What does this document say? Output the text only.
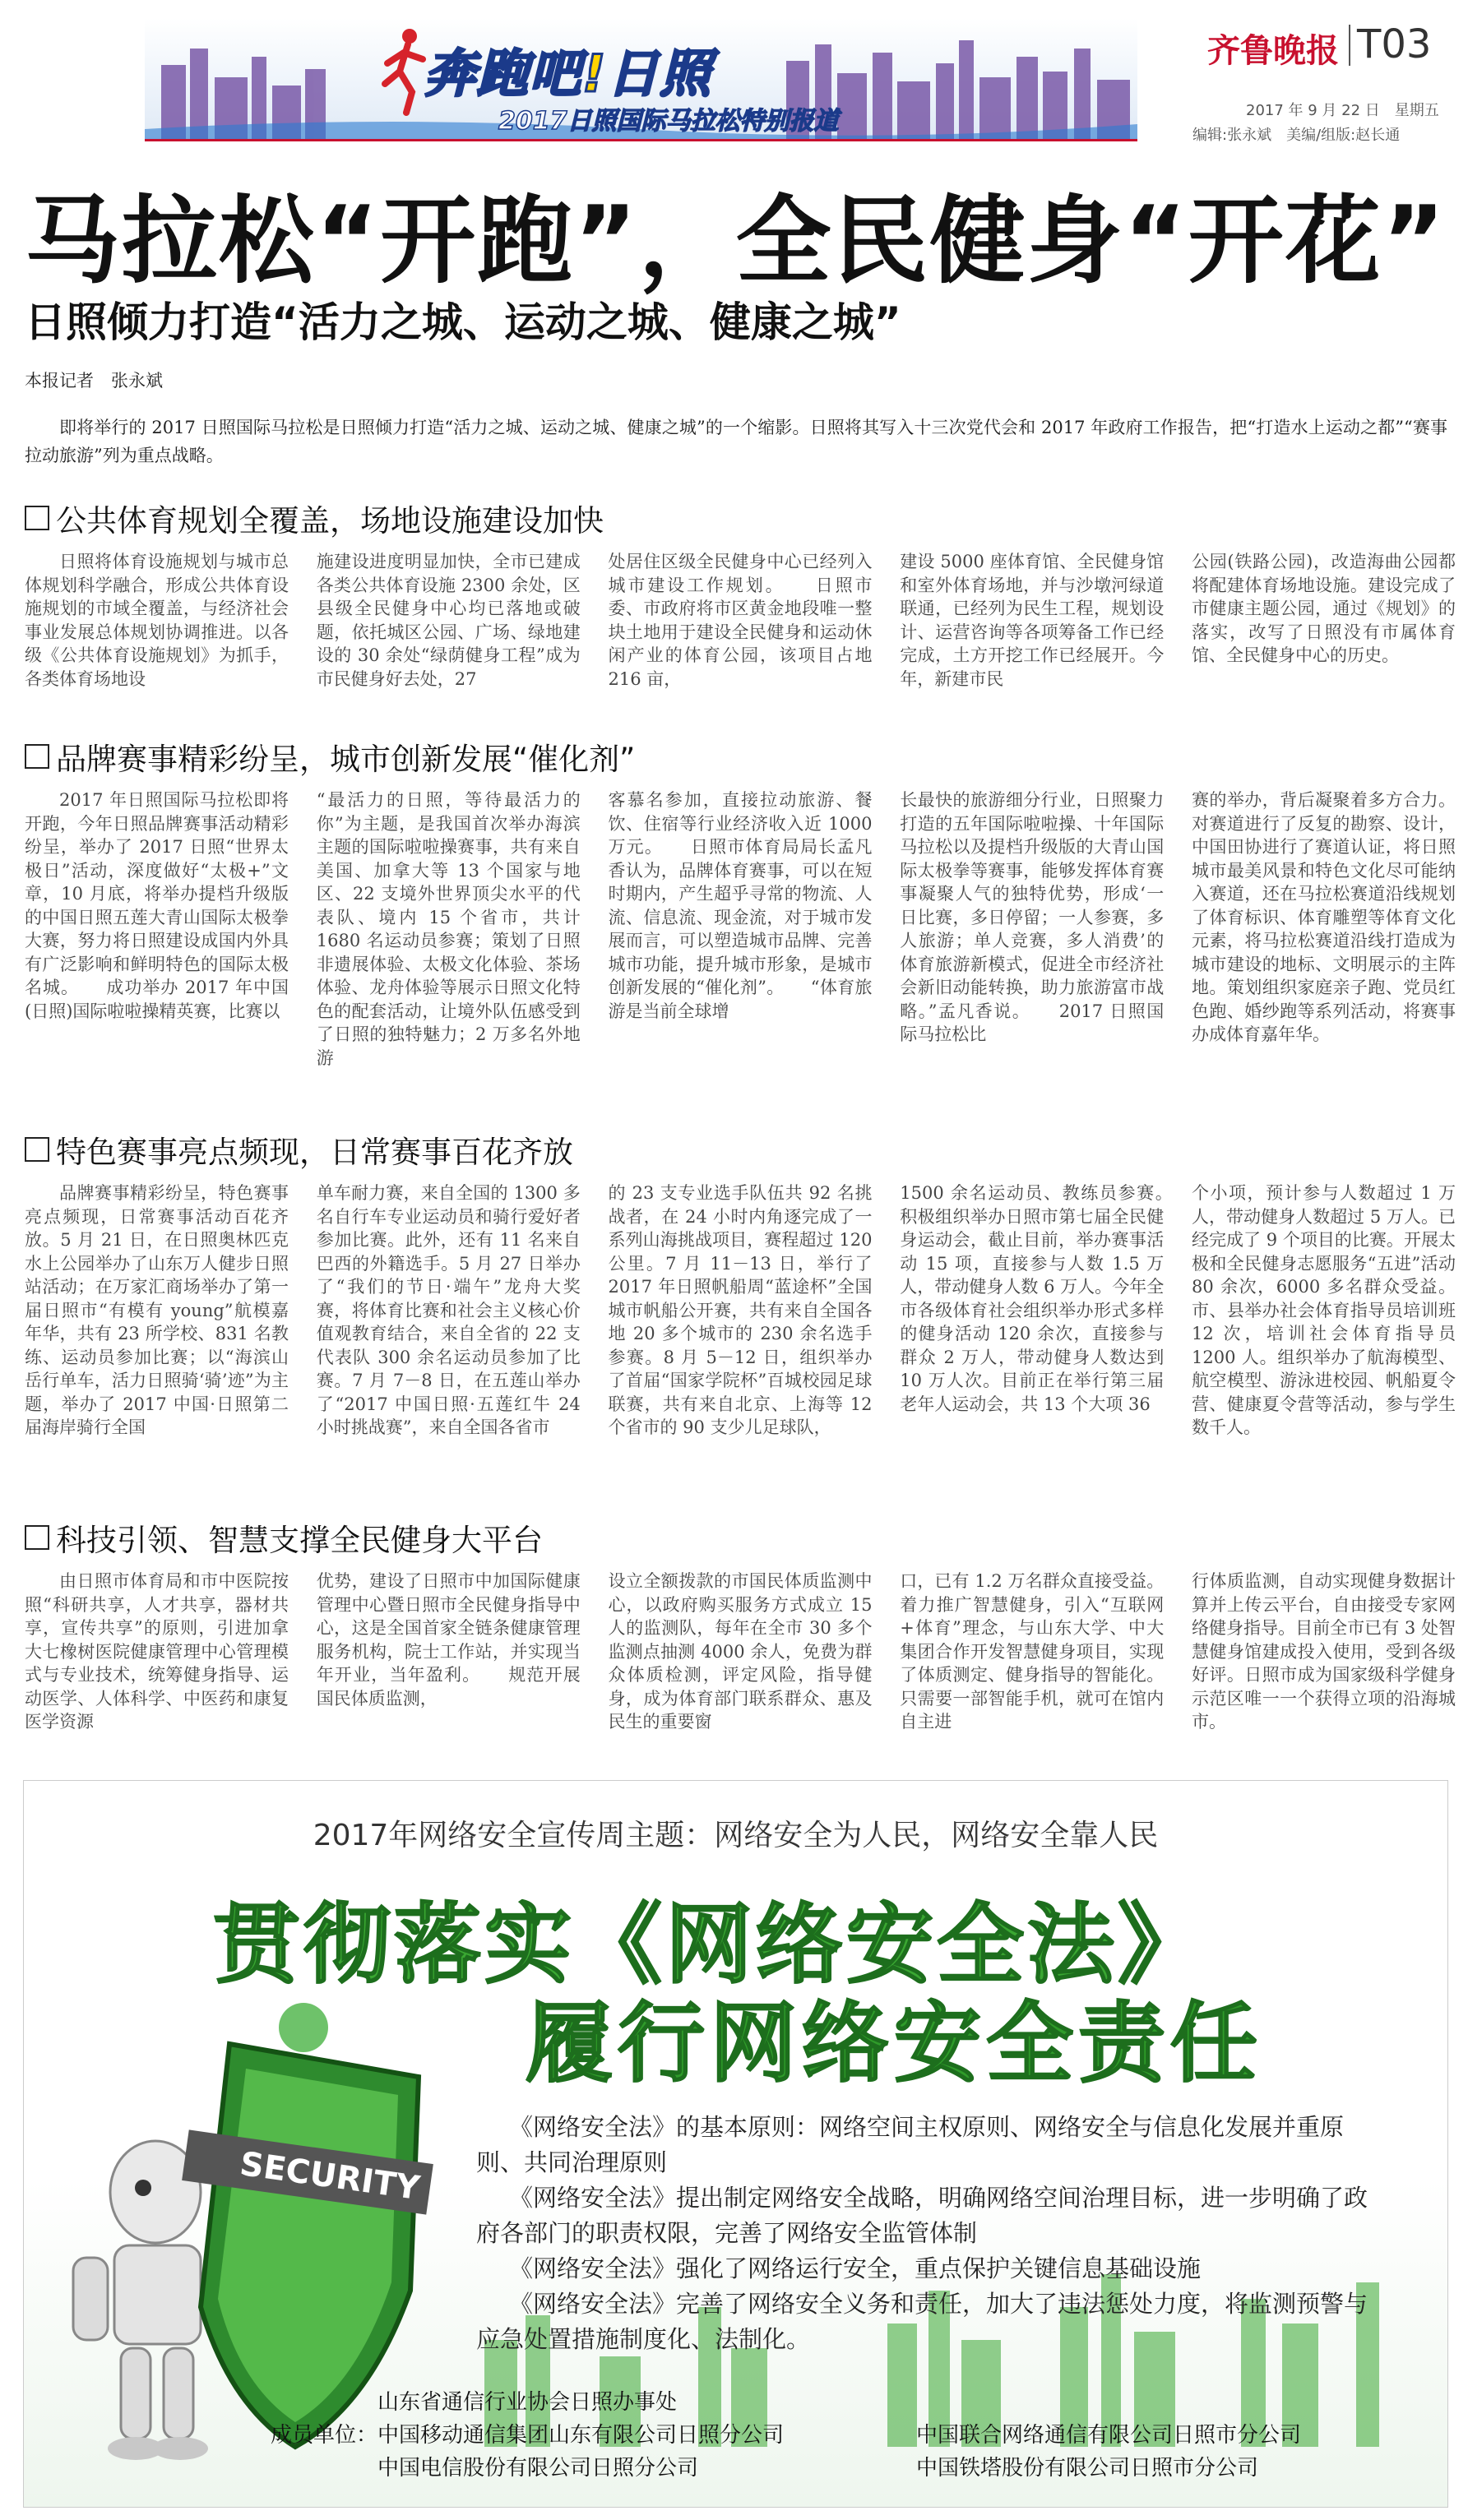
奔跑吧!日照
2017日照国际马拉松特别报道
齐鲁晚报 T03
2017 年 9 月 22 日　星期五
编辑:张永斌　美编/组版:赵长通
马拉松“开跑”，全民健身“开花”
日照倾力打造“活力之城、运动之城、健康之城”
本报记者　张永斌

即将举行的 2017 日照国际马拉松是日照倾力打造“活力之城、运动之城、健康之城”的一个缩影。日照将其写入十三次党代会和 2017 年政府工作报告，把“打造水上运动之都”“赛事拉动旅游”列为重点战略。

公共体育规划全覆盖，场地设施建设加快
日照将体育设施规划与城市总体规划科学融合，形成公共体育设施规划的市域全覆盖，与经济社会事业发展总体规划协调推进。以各级《公共体育设施规划》为抓手，各类体育场地设
施建设进度明显加快，全市已建成各类公共体育设施 2300 余处，区县级全民健身中心均已落地或破题，依托城区公园、广场、绿地建设的 30 余处“绿荫健身工程”成为市民健身好去处，27
处居住区级全民健身中心已经列入城市建设工作规划。　　日照市委、市政府将市区黄金地段唯一整块土地用于建设全民健身和运动休闲产业的体育公园，该项目占地 216 亩，
建设 5000 座体育馆、全民健身馆和室外体育场地，并与沙墩河绿道联通，已经列为民生工程，规划设计、运营咨询等各项筹备工作已经完成，土方开挖工作已经展开。今年，新建市民
公园(铁路公园)，改造海曲公园都将配建体育场地设施。建设完成了市健康主题公园，通过《规划》的落实，改写了日照没有市属体育馆、全民健身中心的历史。
品牌赛事精彩纷呈，城市创新发展“催化剂”
2017 年日照国际马拉松即将开跑，今年日照品牌赛事活动精彩纷呈，举办了 2017 日照“世界太极日”活动，深度做好“太极+”文章，10 月底，将举办提档升级版的中国日照五莲大青山国际太极拳大赛，努力将日照建设成国内外具有广泛影响和鲜明特色的国际太极名城。　　成功举办 2017 年中国(日照)国际啦啦操精英赛，比赛以
“最活力的日照，等待最活力的你”为主题，是我国首次举办海滨主题的国际啦啦操赛事，共有来自美国、加拿大等 13 个国家与地区、22 支境外世界顶尖水平的代表队、境内 15 个省市，共计 1680 名运动员参赛；策划了日照非遗展体验、太极文化体验、茶场体验、龙舟体验等展示日照文化特色的配套活动，让境外队伍感受到了日照的独特魅力；2 万多名外地游
客慕名参加，直接拉动旅游、餐饮、住宿等行业经济收入近 1000 万元。　　日照市体育局局长孟凡香认为，品牌体育赛事，可以在短时期内，产生超乎寻常的物流、人流、信息流、现金流，对于城市发展而言，可以塑造城市品牌、完善城市功能，提升城市形象，是城市创新发展的“催化剂”。　　“体育旅游是当前全球增
长最快的旅游细分行业，日照聚力打造的五年国际啦啦操、十年国际马拉松以及提档升级版的大青山国际太极拳等赛事，能够发挥体育赛事凝聚人气的独特优势，形成‘一日比赛，多日停留；一人参赛，多人旅游；单人竞赛，多人消费’的体育旅游新模式，促进全市经济社会新旧动能转换，助力旅游富市战略。”孟凡香说。　　2017 日照国际马拉松比
赛的举办，背后凝聚着多方合力。对赛道进行了反复的勘察、设计，中国田协进行了赛道认证，将日照城市最美风景和特色文化尽可能纳入赛道，还在马拉松赛道沿线规划了体育标识、体育雕塑等体育文化元素，将马拉松赛道沿线打造成为城市建设的地标、文明展示的主阵地。策划组织家庭亲子跑、党员红色跑、婚纱跑等系列活动，将赛事办成体育嘉年华。
特色赛事亮点频现，日常赛事百花齐放
品牌赛事精彩纷呈，特色赛事亮点频现，日常赛事活动百花齐放。5 月 21 日，在日照奥林匹克水上公园举办了山东万人健步日照站活动；在万家汇商场举办了第一届日照市“有模有 young”航模嘉年华，共有 23 所学校、831 名教练、运动员参加比赛；以“海滨山岳行单车，活力日照骑‘骑’迹”为主题，举办了 2017 中国·日照第二届海岸骑行全国
单车耐力赛，来自全国的 1300 多名自行车专业运动员和骑行爱好者参加比赛。此外，还有 11 名来自巴西的外籍选手。5 月 27 日举办了“我们的节日·端午”龙舟大奖赛，将体育比赛和社会主义核心价值观教育结合，来自全省的 22 支代表队 300 余名运动员参加了比赛。7 月 7－8 日，在五莲山举办了“2017 中国日照·五莲红牛 24 小时挑战赛”，来自全国各省市
的 23 支专业选手队伍共 92 名挑战者，在 24 小时内角逐完成了一系列山海挑战项目，赛程超过 120 公里。7 月 11－13 日，举行了 2017 年日照帆船周“蓝途杯”全国城市帆船公开赛，共有来自全国各地 20 多个城市的 230 余名选手参赛。8 月 5－12 日，组织举办了首届“国家学院杯”百城校园足球联赛，共有来自北京、上海等 12 个省市的 90 支少儿足球队，
1500 余名运动员、教练员参赛。　　积极组织举办日照市第七届全民健身运动会，截止目前，举办赛事活动 15 项，直接参与人数 1.5 万人，带动健身人数 6 万人。今年全市各级体育社会组织举办形式多样的健身活动 120 余次，直接参与群众 2 万人，带动健身人数达到 10 万人次。目前正在举行第三届老年人运动会，共 13 个大项 36
个小项，预计参与人数超过 1 万人，带动健身人数超过 5 万人。已经完成了 9 个项目的比赛。开展太极和全民健身志愿服务“五进”活动 80 余次，6000 多名群众受益。市、县举办社会体育指导员培训班 12 次，培训社会体育指导员 1200 人。组织举办了航海模型、航空模型、游泳进校园、帆船夏令营、健康夏令营等活动，参与学生数千人。
科技引领、智慧支撑全民健身大平台
由日照市体育局和市中医院按照“科研共享，人才共享，器材共享，宣传共享”的原则，引进加拿大七橡树医院健康管理中心管理模式与专业技术，统筹健身指导、运动医学、人体科学、中医药和康复医学资源
优势，建设了日照市中加国际健康管理中心暨日照市全民健身指导中心，这是全国首家全链条健康管理服务机构，院士工作站，并实现当年开业，当年盈利。　　规范开展国民体质监测，
设立全额拨款的市国民体质监测中心，以政府购买服务方式成立 15 人的监测队，每年在全市 30 多个监测点抽测 4000 余人，免费为群众体质检测，评定风险，指导健身，成为体育部门联系群众、惠及民生的重要窗
口，已有 1.2 万名群众直接受益。着力推广智慧健身，引入“互联网+体育”理念，与山东大学、中大集团合作开发智慧健身项目，实现了体质测定、健身指导的智能化。只需要一部智能手机，就可在馆内自主进
行体质监测，自动实现健身数据计算并上传云平台，自由接受专家网络健身指导。目前全市已有 3 处智慧健身馆建成投入使用，受到各级好评。日照市成为国家级科学健身示范区唯一一个获得立项的沿海城市。
SECURITY
2017年网络安全宣传周主题：网络安全为人民，网络安全靠人民
贯彻落实《网络安全法》
履行网络安全责任

《网络安全法》的基本原则：网络空间主权原则、网络安全与信息化发展并重原则、共同治理原则

《网络安全法》提出制定网络安全战略，明确网络空间治理目标，进一步明确了政府各部门的职责权限，完善了网络安全监管体制

《网络安全法》强化了网络运行安全，重点保护关键信息基础设施

《网络安全法》完善了网络安全义务和责任，加大了违法惩处力度，将监测预警与应急处置措施制度化、法制化。

山东省通信行业协会日照办事处
成员单位： 中国移动通信集团山东有限公司日照分公司	中国联合网络通信有限公司日照市分公司
中国电信股份有限公司日照分公司	中国铁塔股份有限公司日照市分公司
